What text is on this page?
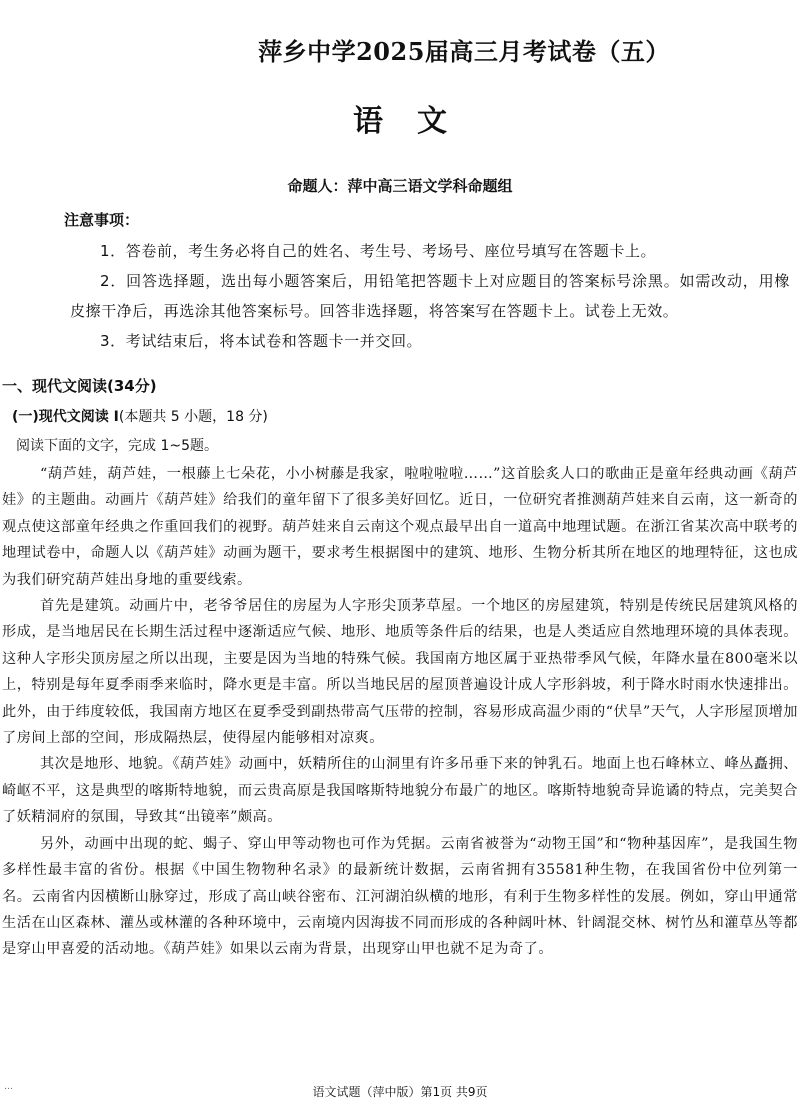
萍乡中学2025届高三月考试卷（五）
语文
命题人：萍中高三语文学科命题组
注意事项：

1．答卷前，考生务必将自己的姓名、考生号、考场号、座位号填写在答题卡上。

2．回答选择题，选出每小题答案后，用铅笔把答题卡上对应题目的答案标号涂黑。如需改动，用橡皮擦干净后，再选涂其他答案标号。回答非选择题，将答案写在答题卡上。试卷上无效。

3．考试结束后，将本试卷和答题卡一并交回。

一、现代文阅读(34分)
(一)现代文阅读 I(本题共 5 小题，18 分)
阅读下面的文字，完成 1~5题。

“葫芦娃，葫芦娃，一根藤上七朵花，小小树藤是我家，啦啦啦啦……”这首脍炙人口的歌曲正是童年经典动画《葫芦娃》的主题曲。动画片《葫芦娃》给我们的童年留下了很多美好回忆。近日，一位研究者推测葫芦娃来自云南，这一新奇的观点使这部童年经典之作重回我们的视野。葫芦娃来自云南这个观点最早出自一道高中地理试题。在浙江省某次高中联考的地理试卷中，命题人以《葫芦娃》动画为题干，要求考生根据图中的建筑、地形、生物分析其所在地区的地理特征，这也成为我们研究葫芦娃出身地的重要线索。

首先是建筑。动画片中，老爷爷居住的房屋为人字形尖顶茅草屋。一个地区的房屋建筑，特别是传统民居建筑风格的形成，是当地居民在长期生活过程中逐渐适应气候、地形、地质等条件后的结果，也是人类适应自然地理环境的具体表现。这种人字形尖顶房屋之所以出现，主要是因为当地的特殊气候。我国南方地区属于亚热带季风气候，年降水量在800毫米以上，特别是每年夏季雨季来临时，降水更是丰富。所以当地民居的屋顶普遍设计成人字形斜坡，利于降水时雨水快速排出。此外，由于纬度较低，我国南方地区在夏季受到副热带高气压带的控制，容易形成高温少雨的“伏旱”天气，人字形屋顶增加了房间上部的空间，形成隔热层，使得屋内能够相对凉爽。

其次是地形、地貌。《葫芦娃》动画中，妖精所住的山洞里有许多吊垂下来的钟乳石。地面上也石峰林立、峰丛矗拥、崎岖不平，这是典型的喀斯特地貌，而云贵高原是我国喀斯特地貌分布最广的地区。喀斯特地貌奇异诡谲的特点，完美契合了妖精洞府的氛围，导致其“出镜率”颇高。

另外，动画中出现的蛇、蝎子、穿山甲等动物也可作为凭据。云南省被誉为“动物王国”和“物种基因库”，是我国生物多样性最丰富的省份。根据《中国生物物种名录》的最新统计数据，云南省拥有35581种生物，在我国省份中位列第一名。云南省内因横断山脉穿过，形成了高山峡谷密布、江河湖泊纵横的地形，有利于生物多样性的发展。例如，穿山甲通常生活在山区森林、灌丛或林灌的各种环境中，云南境内因海拔不同而形成的各种阔叶林、针阔混交林、树竹丛和灌草丛等都是穿山甲喜爱的活动地。《葫芦娃》如果以云南为背景，出现穿山甲也就不足为奇了。

…	语文试题（萍中版）第1页 共9页
